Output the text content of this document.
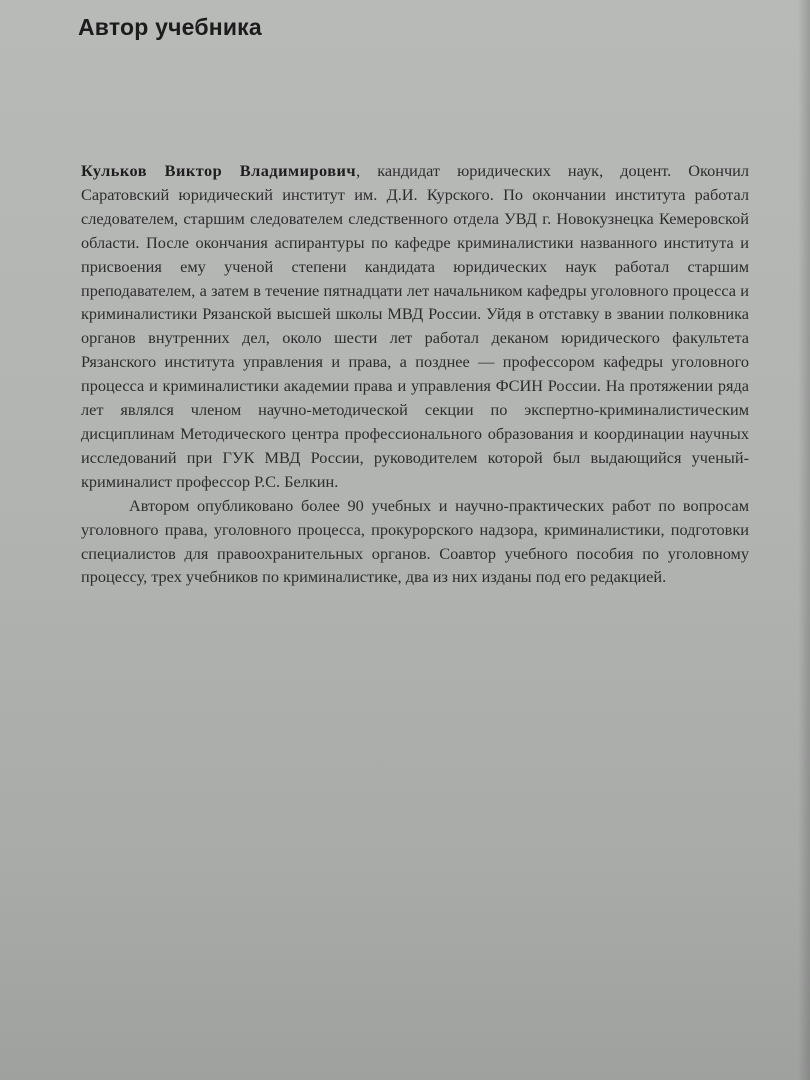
Автор учебника

Кульков Виктор Владимирович, кандидат юридических наук, доцент. Окончил Саратовский юридический институт им. Д.И. Курского. По окончании института работал следователем, старшим следователем следственного отдела УВД г. Новокузнецка Кемеровской области. После окончания аспирантуры по кафедре криминалистики названного института и присвоения ему ученой степени кандидата юридических наук работал старшим преподавателем, а затем в течение пятнадцати лет начальником кафедры уголовного процесса и криминалистики Рязанской высшей школы МВД России. Уйдя в отставку в звании полковника органов внутренних дел, около шести лет работал деканом юридического факультета Рязанского института управления и права, а позднее — профессором кафедры уголовного процесса и криминалистики академии права и управления ФСИН России. На протяжении ряда лет являлся членом научно-методической секции по экспертно-криминалистическим дисциплинам Методического центра профессионального образования и координации научных исследований при ГУК МВД России, руководителем которой был выдающийся ученый-криминалист профессор Р.С. Белкин.

Автором опубликовано более 90 учебных и научно-практических работ по вопросам уголовного права, уголовного процесса, прокурорского надзора, криминалистики, подготовки специалистов для правоохранительных органов. Соавтор учебного пособия по уголовному процессу, трех учебников по криминалистике, два из них изданы под его редакцией.
